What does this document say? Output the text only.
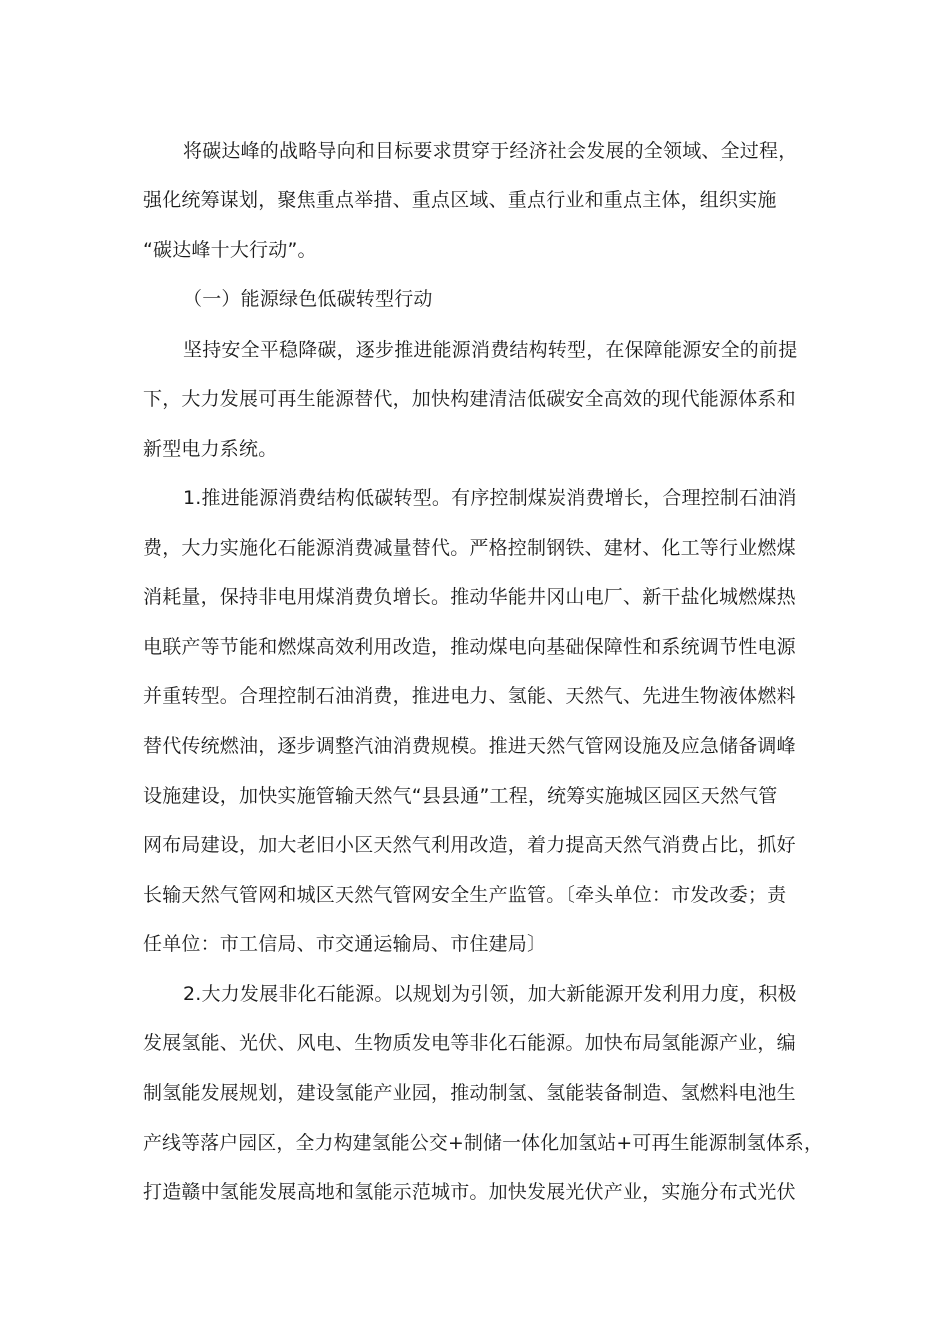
将碳达峰的战略导向和目标要求贯穿于经济社会发展的全领域、全过程，
强化统筹谋划，聚焦重点举措、重点区域、重点行业和重点主体，组织实施
“碳达峰十大行动”。
（一）能源绿色低碳转型行动
坚持安全平稳降碳，逐步推进能源消费结构转型，在保障能源安全的前提
下，大力发展可再生能源替代，加快构建清洁低碳安全高效的现代能源体系和
新型电力系统。
1.推进能源消费结构低碳转型。有序控制煤炭消费增长，合理控制石油消
费，大力实施化石能源消费减量替代。严格控制钢铁、建材、化工等行业燃煤
消耗量，保持非电用煤消费负增长。推动华能井冈山电厂、新干盐化城燃煤热
电联产等节能和燃煤高效利用改造，推动煤电向基础保障性和系统调节性电源
并重转型。合理控制石油消费，推进电力、氢能、天然气、先进生物液体燃料
替代传统燃油，逐步调整汽油消费规模。推进天然气管网设施及应急储备调峰
设施建设，加快实施管输天然气“县县通”工程，统筹实施城区园区天然气管
网布局建设，加大老旧小区天然气利用改造，着力提高天然气消费占比，抓好
长输天然气管网和城区天然气管网安全生产监管。〔牵头单位：市发改委；责
任单位：市工信局、市交通运输局、市住建局〕
2.大力发展非化石能源。以规划为引领，加大新能源开发利用力度，积极
发展氢能、光伏、风电、生物质发电等非化石能源。加快布局氢能源产业，编
制氢能发展规划，建设氢能产业园，推动制氢、氢能装备制造、氢燃料电池生
产线等落户园区，全力构建氢能公交+制储一体化加氢站+可再生能源制氢体系，
打造赣中氢能发展高地和氢能示范城市。加快发展光伏产业，实施分布式光伏
